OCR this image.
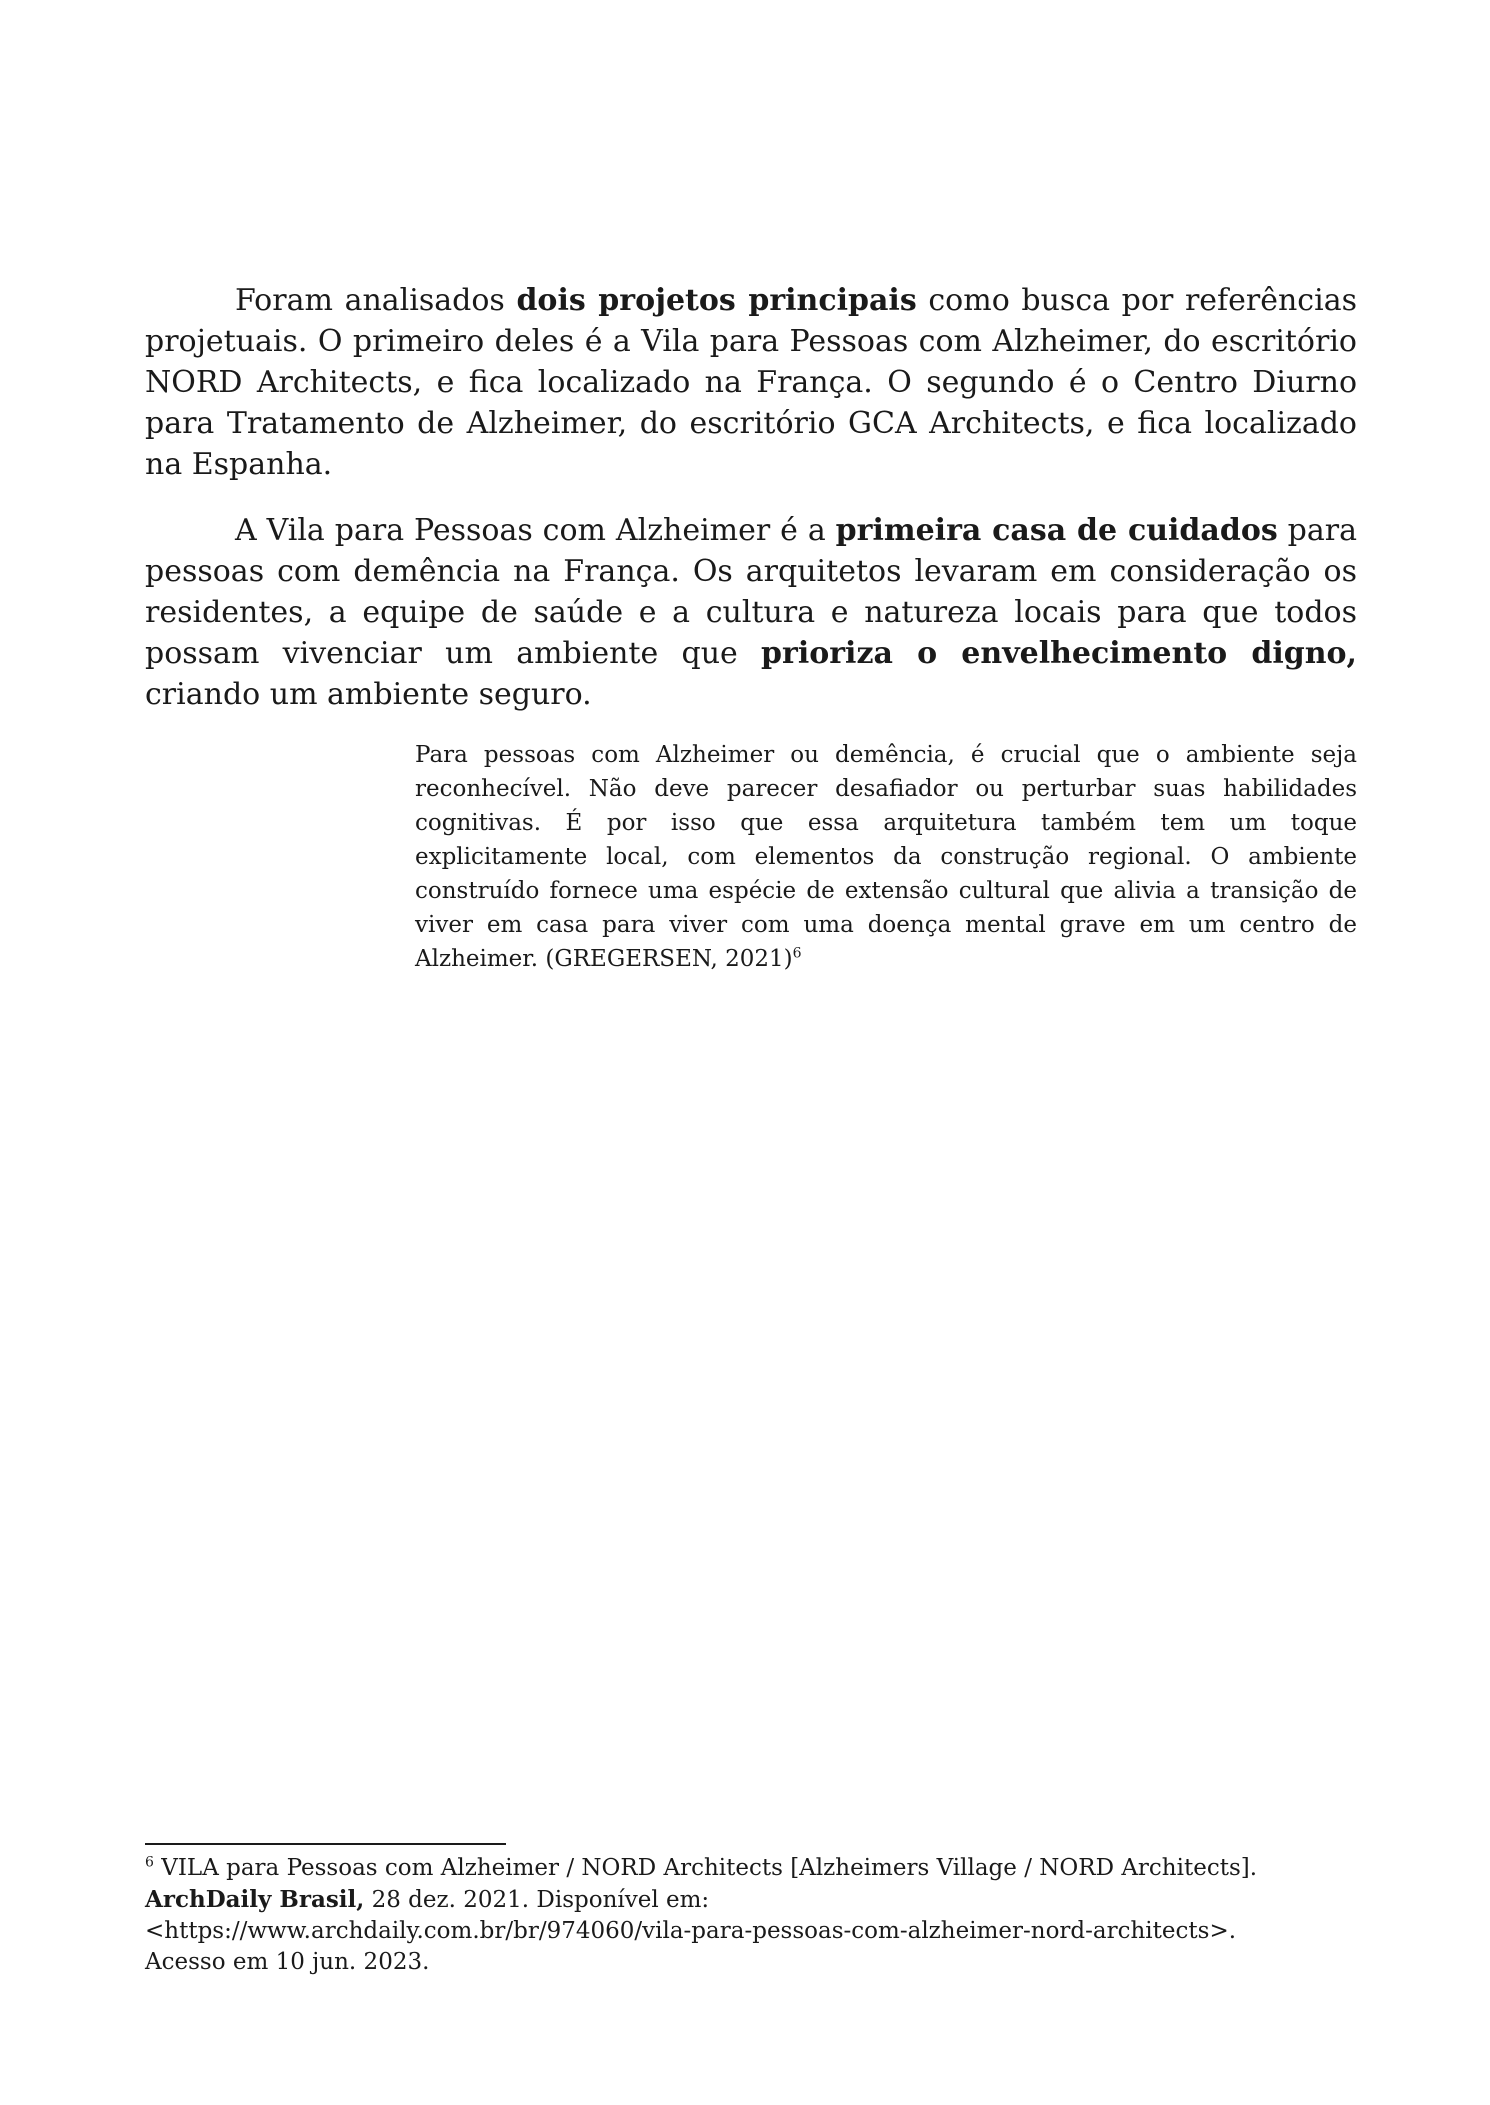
Foram analisados dois projetos principais como busca por referências projetuais. O primeiro deles é a Vila para Pessoas com Alzheimer, do escritório NORD Architects, e fica localizado na França. O segundo é o Centro Diurno para Tratamento de Alzheimer, do escritório GCA Architects, e fica localizado na Espanha.

A Vila para Pessoas com Alzheimer é a primeira casa de cuidados para pessoas com demência na França. Os arquitetos levaram em consideração os residentes, a equipe de saúde e a cultura e natureza locais para que todos possam vivenciar um ambiente que prioriza o envelhecimento digno, criando um ambiente seguro.

Para pessoas com Alzheimer ou demência, é crucial que o ambiente seja reconhecível. Não deve parecer desafiador ou perturbar suas habilidades cognitivas. É por isso que essa arquitetura também tem um toque explicitamente local, com elementos da construção regional. O ambiente construído fornece uma espécie de extensão cultural que alivia a transição de viver em casa para viver com uma doença mental grave em um centro de Alzheimer. (GREGERSEN, 2021)$^6$

$^6$ VILA para Pessoas com Alzheimer / NORD Architects [Alzheimers Village / NORD Architects].
ArchDaily Brasil, 28 dez. 2021. Disponível em:
<https://www.archdaily.com.br/br/974060/vila-para-pessoas-com-alzheimer-nord-architects>.
Acesso em 10 jun. 2023.
